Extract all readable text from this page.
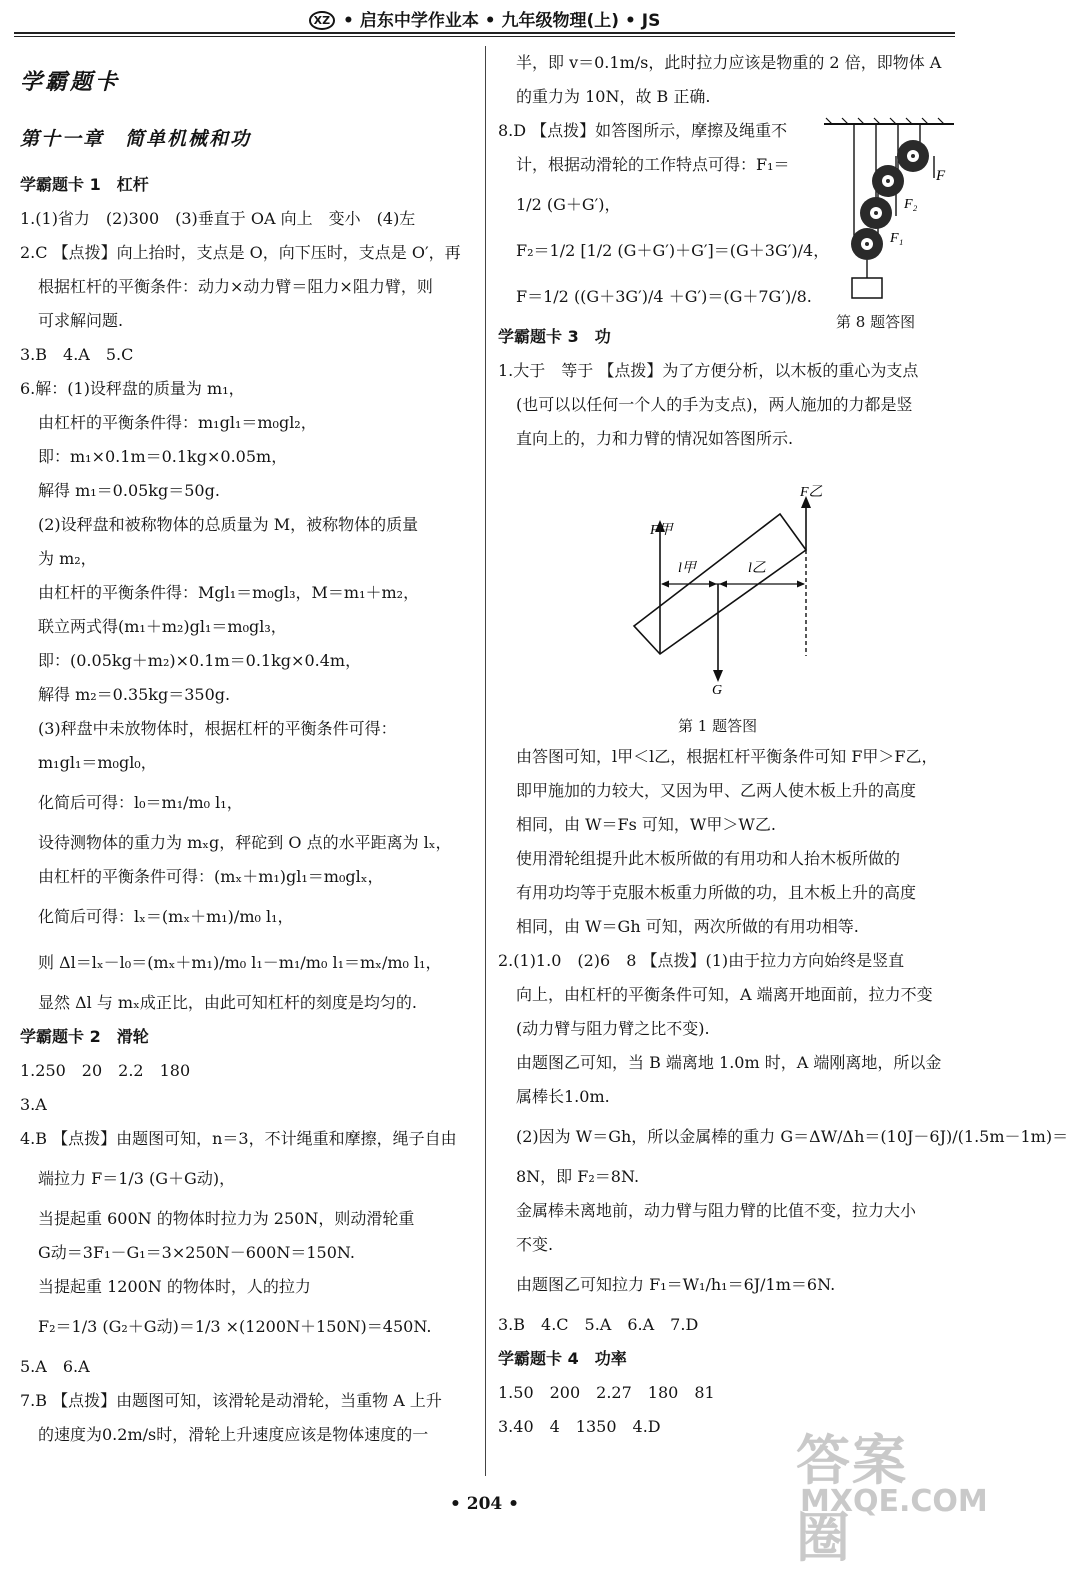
XZ • 启东中学作业本 • 九年级物理(上) • JS

学霸题卡

第十一章　简单机械和功

学霸题卡 1　杠杆

1.(1)省力　(2)300　(3)垂直于 OA 向上　变小　(4)左

2.C 【点拨】向上抬时，支点是 O，向下压时，支点是 O′，再

根据杠杆的平衡条件：动力×动力臂＝阻力×阻力臂，则

可求解问题.

3.B　4.A　5.C

6.解：(1)设秤盘的质量为 m₁，

由杠杆的平衡条件得：m₁gl₁＝m₀gl₂，

即：m₁×0.1m＝0.1kg×0.05m，

解得 m₁＝0.05kg＝50g.

(2)设秤盘和被称物体的总质量为 M，被称物体的质量

为 m₂，

由杠杆的平衡条件得：Mgl₁＝m₀gl₃，M＝m₁＋m₂，

联立两式得(m₁＋m₂)gl₁＝m₀gl₃，

即：(0.05kg＋m₂)×0.1m＝0.1kg×0.4m，

解得 m₂＝0.35kg＝350g.

(3)秤盘中未放物体时，根据杠杆的平衡条件可得：

m₁gl₁＝m₀gl₀，

化简后可得：l₀＝m₁/m₀ l₁，

设待测物体的重力为 mₓg，秤砣到 O 点的水平距离为 lₓ，

由杠杆的平衡条件可得：(mₓ＋m₁)gl₁＝m₀glₓ，

化简后可得：lₓ＝(mₓ＋m₁)/m₀ l₁，

则 Δl＝lₓ－l₀＝(mₓ＋m₁)/m₀ l₁－m₁/m₀ l₁＝mₓ/m₀ l₁，

显然 Δl 与 mₓ成正比，由此可知杠杆的刻度是均匀的.

学霸题卡 2　滑轮

1.250　20　2.2　180

3.A

4.B 【点拨】由题图可知，n＝3，不计绳重和摩擦，绳子自由

端拉力 F＝1/3 (G＋G动)，

当提起重 600N 的物体时拉力为 250N，则动滑轮重

G动＝3F₁－G₁＝3×250N－600N＝150N.

当提起重 1200N 的物体时，人的拉力

F₂＝1/3 (G₂＋G动)＝1/3 ×(1200N＋150N)＝450N.

5.A　6.A

7.B 【点拨】由题图可知，该滑轮是动滑轮，当重物 A 上升

的速度为0.2m/s时，滑轮上升速度应该是物体速度的一

半，即 v＝0.1m/s，此时拉力应该是物重的 2 倍，即物体 A

的重力为 10N，故 B 正确.

8.D 【点拨】如答图所示，摩擦及绳重不

计，根据动滑轮的工作特点可得：F₁＝

1/2 (G＋G′)，

F₂＝1/2 [1/2 (G＋G′)＋G′]＝(G＋3G′)/4，

F＝1/2 ((G＋3G′)/4 ＋G′)＝(G＋7G′)/8.

学霸题卡 3　功

1.大于　等于 【点拨】为了方便分析，以木板的重心为支点

(也可以以任何一个人的手为支点)，两人施加的力都是竖

直向上的，力和力臂的情况如答图所示.

F
F₂
F₁
第 8 题答图
F甲
F乙
l甲	l乙
G
第 1 题答图

由答图可知，l甲＜l乙，根据杠杆平衡条件可知 F甲＞F乙，

即甲施加的力较大，又因为甲、乙两人使木板上升的高度

相同，由 W＝Fs 可知，W甲＞W乙.

使用滑轮组提升此木板所做的有用功和人抬木板所做的

有用功均等于克服木板重力所做的功，且木板上升的高度

相同，由 W＝Gh 可知，两次所做的有用功相等.

2.(1)1.0　(2)6　8 【点拨】(1)由于拉力方向始终是竖直

向上，由杠杆的平衡条件可知，A 端离开地面前，拉力不变

(动力臂与阻力臂之比不变).

由题图乙可知，当 B 端离地 1.0m 时，A 端刚离地，所以金

属棒长1.0m.

(2)因为 W＝Gh，所以金属棒的重力 G＝ΔW/Δh＝(10J－6J)/(1.5m－1m)＝

8N，即 F₂＝8N.

金属棒未离地前，动力臂与阻力臂的比值不变，拉力大小

不变.

由题图乙可知拉力 F₁＝W₁/h₁＝6J/1m＝6N.

3.B　4.C　5.A　6.A　7.D

学霸题卡 4　功率

1.50　200　2.27　180　81

3.40　4　1350　4.D

• 204 •
答案圈
MXQE.COM
